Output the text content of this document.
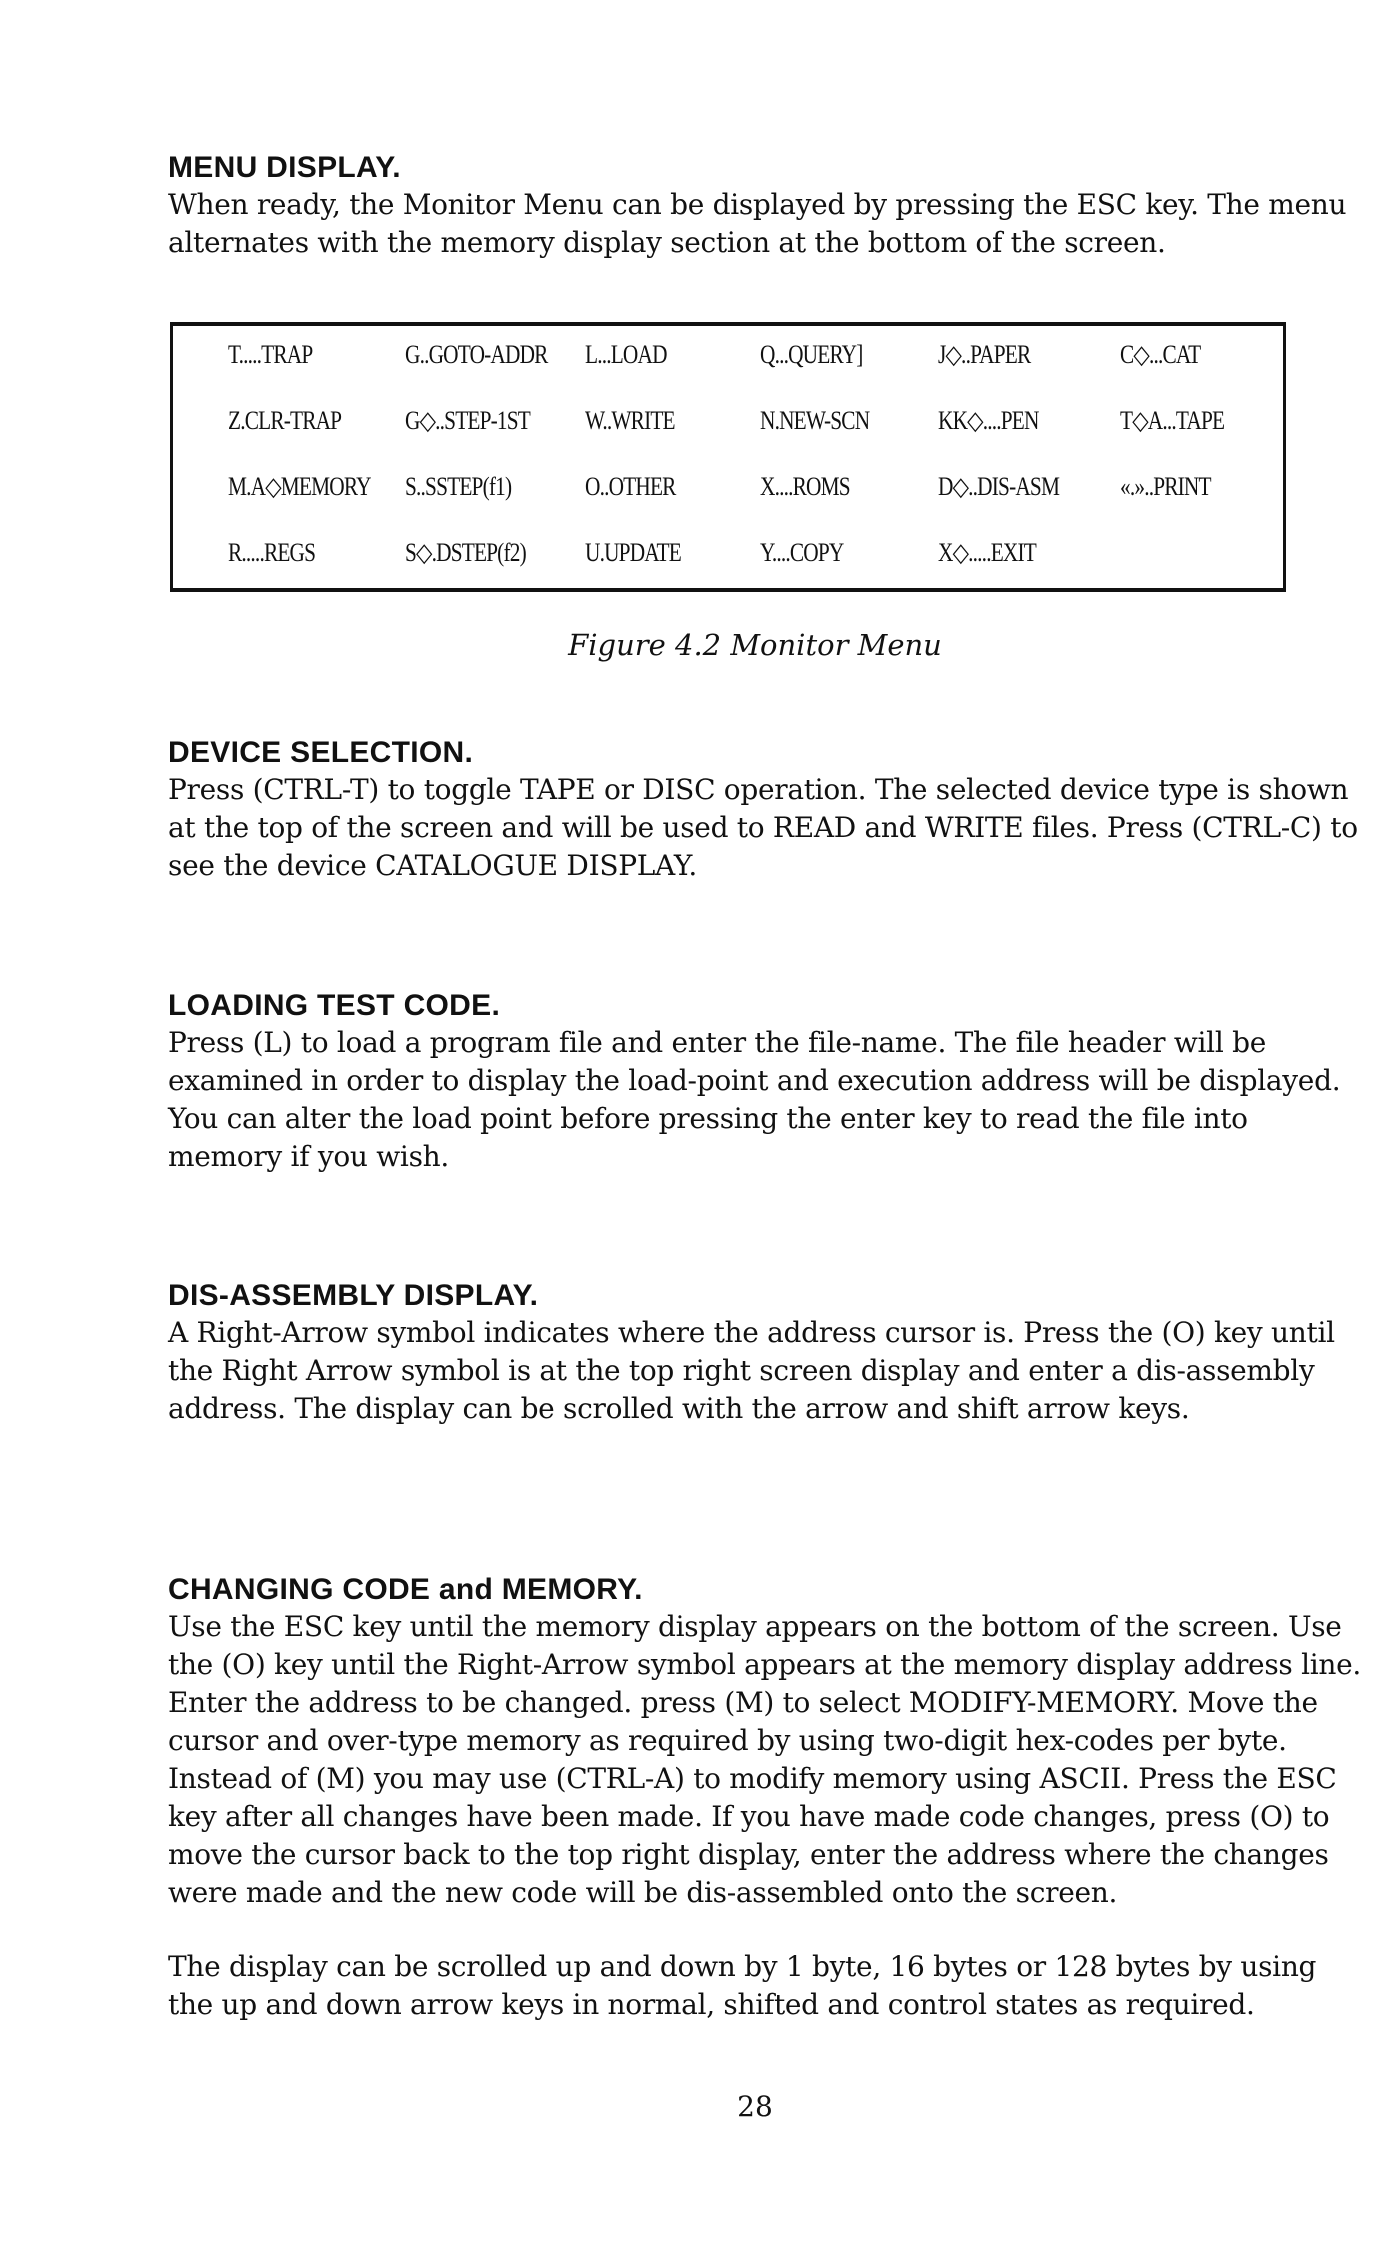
MENU DISPLAY.

When ready, the Monitor Menu can be displayed by pressing the ESC key. The menu alternates with the memory display section at the bottom of the screen.

T.....TRAP	G..GOTO-ADDR L...LOAD	Q...QUERY]	J◇..PAPER	C◇...CAT
Z.CLR-TRAP G◇..STEP-1ST W..WRITE	N.NEW-SCN	KK◇....PEN	T◇A...TAPE
M.A◇MEMORY S..SSTEP(f1)	O..OTHER	X....ROMS	D◇..DIS-ASM «.»..PRINT
R.....REGS	S◇.DSTEP(f2) U.UPDATE	Y....COPY	X◇.....EXIT
Figure 4.2 Monitor Menu
DEVICE SELECTION.

Press (CTRL-T) to toggle TAPE or DISC operation. The selected device type is shown at the top of the screen and will be used to READ and WRITE files. Press (CTRL-C) to see the device CATALOGUE DISPLAY.

LOADING TEST CODE.

Press (L) to load a program file and enter the file-name. The file header will be examined in order to display the load-point and execution address will be displayed. You can alter the load point before pressing the enter key to read the file into memory if you wish.

DIS-ASSEMBLY DISPLAY.

A Right-Arrow symbol indicates where the address cursor is. Press the (O) key until the Right Arrow symbol is at the top right screen display and enter a dis-assembly address. The display can be scrolled with the arrow and shift arrow keys.

CHANGING CODE and MEMORY.

Use the ESC key until the memory display appears on the bottom of the screen. Use the (O) key until the Right-Arrow symbol appears at the memory display address line. Enter the address to be changed. press (M) to select MODIFY-MEMORY. Move the cursor and over-type memory as required by using two-digit hex-codes per byte. Instead of (M) you may use (CTRL-A) to modify memory using ASCII. Press the ESC key after all changes have been made. If you have made code changes, press (O) to move the cursor back to the top right display, enter the address where the changes were made and the new code will be dis-assembled onto the screen.

The display can be scrolled up and down by 1 byte, 16 bytes or 128 bytes by using the up and down arrow keys in normal, shifted and control states as required.

28
